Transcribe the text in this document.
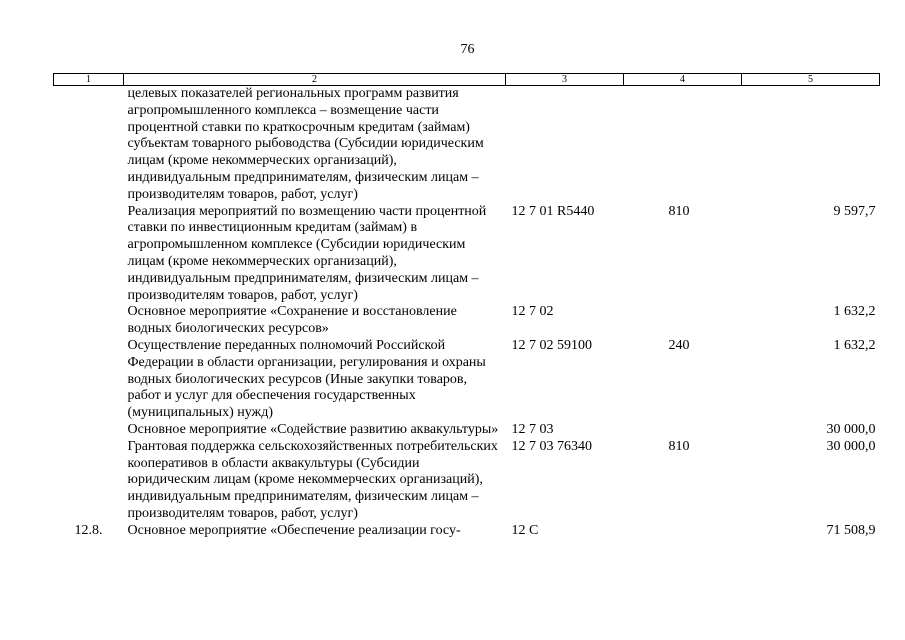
76
1	2	3	4	5
	целевых показателей региональных программ развития агропромышленного комплекса – возмещение части процентной ставки по краткосрочным кредитам (займам) субъектам товарного рыбоводства (Субсидии юридическим лицам (кроме некоммерческих организаций), индивидуальным предпринимателям, физическим лицам – производителям товаров, работ, услуг)			
	Реализация мероприятий по возмещению части процентной ставки по инвестиционным кредитам (займам) в агропромышленном комплексе (Субсидии юридическим лицам (кроме некоммерческих организаций), индивидуальным предпринимателям, физическим лицам – производителям товаров, работ, услуг)	12 7 01 R5440	810	9 597,7
	Основное мероприятие «Сохранение и восстановление водных биологических ресурсов»	12 7 02		1 632,2
	Осуществление переданных полномочий Российской Федерации в области организации, регулирования и охраны водных биологических ресурсов (Иные закупки товаров, работ и услуг для обеспечения государственных (муниципальных) нужд)	12 7 02 59100	240	1 632,2
	Основное мероприятие «Содействие развитию аквакультуры»	12 7 03		30 000,0
	Грантовая поддержка сельскохозяйственных потребительских кооперативов в области аквакультуры (Субсидии юридическим лицам (кроме некоммерческих организаций), индивидуальным предпринимателям, физическим лицам – производителям товаров, работ, услуг)	12 7 03 76340	810	30 000,0
12.8.	Основное мероприятие «Обеспечение реализации госу-	12 С		71 508,9
